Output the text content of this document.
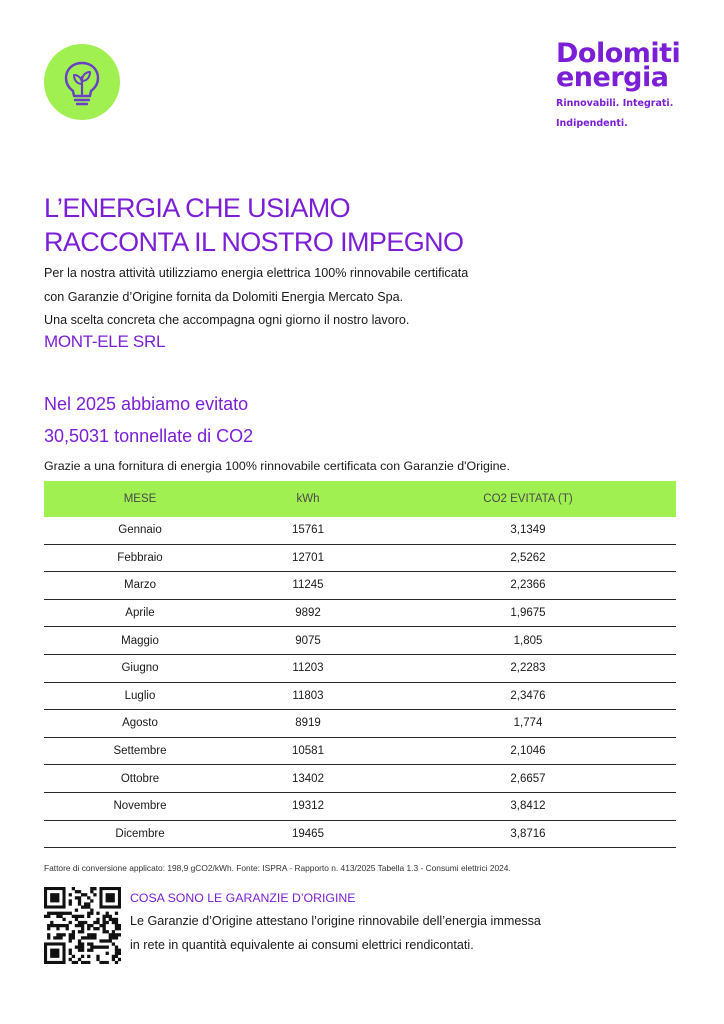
Dolomiti
energia
Rinnovabili. Integrati.
Indipendenti.
L’ENERGIA CHE USIAMO
RACCONTA IL NOSTRO IMPEGNO
Per la nostra attività utilizziamo energia elettrica 100% rinnovabile certificata
con Garanzie d’Origine fornita da Dolomiti Energia Mercato Spa.
Una scelta concreta che accompagna ogni giorno il nostro lavoro.
MONT-ELE SRL
Nel 2025 abbiamo evitato
30,5031 tonnellate di CO2
Grazie a una fornitura di energia 100% rinnovabile certificata con Garanzie d'Origine.
MESE	kWh	CO2 EVITATA (T)
Gennaio	15761	3,1349
Febbraio	12701	2,5262
Marzo	11245	2,2366
Aprile	9892	1,9675
Maggio	9075	1,805
Giugno	11203	2,2283
Luglio	11803	2,3476
Agosto	8919	1,774
Settembre	10581	2,1046
Ottobre	13402	2,6657
Novembre	19312	3,8412
Dicembre	19465	3,8716
Fattore di conversione applicato: 198,9 gCO2/kWh. Fonte: ISPRA - Rapporto n. 413/2025 Tabella 1.3 - Consumi elettrici 2024.
COSA SONO LE GARANZIE D’ORIGINE
Le Garanzie d’Origine attestano l’origine rinnovabile dell’energia immessa
in rete in quantità equivalente ai consumi elettrici rendicontati.
